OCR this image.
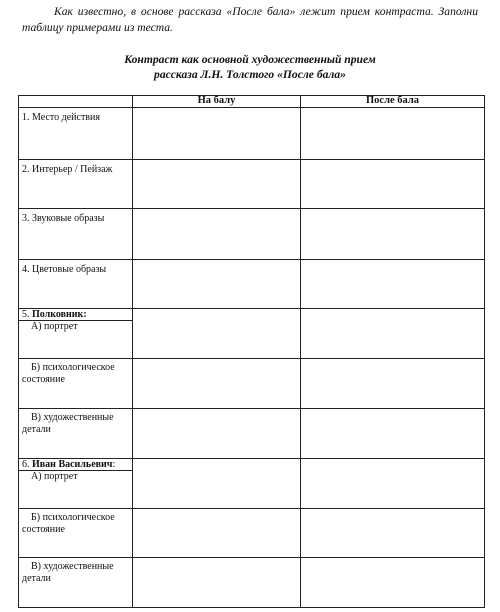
Как известно, в основе рассказа «После бала» лежит прием контраста. Заполни таблицу примерами из теста.
Контраст как основной художественный прием
рассказа Л.Н. Толстого «После бала»
	На балу	После бала

1. Место действия		

2. Интерьер / Пейзаж		

3. Звуковые образы		

4. Цветовые образы		

5. Полковник:
А) портрет		

Б) психологическое
состояние		

В) художественные
детали		

6. Иван Васильевич:
А) портрет		

Б) психологическое
состояние		

В) художественные
детали		
